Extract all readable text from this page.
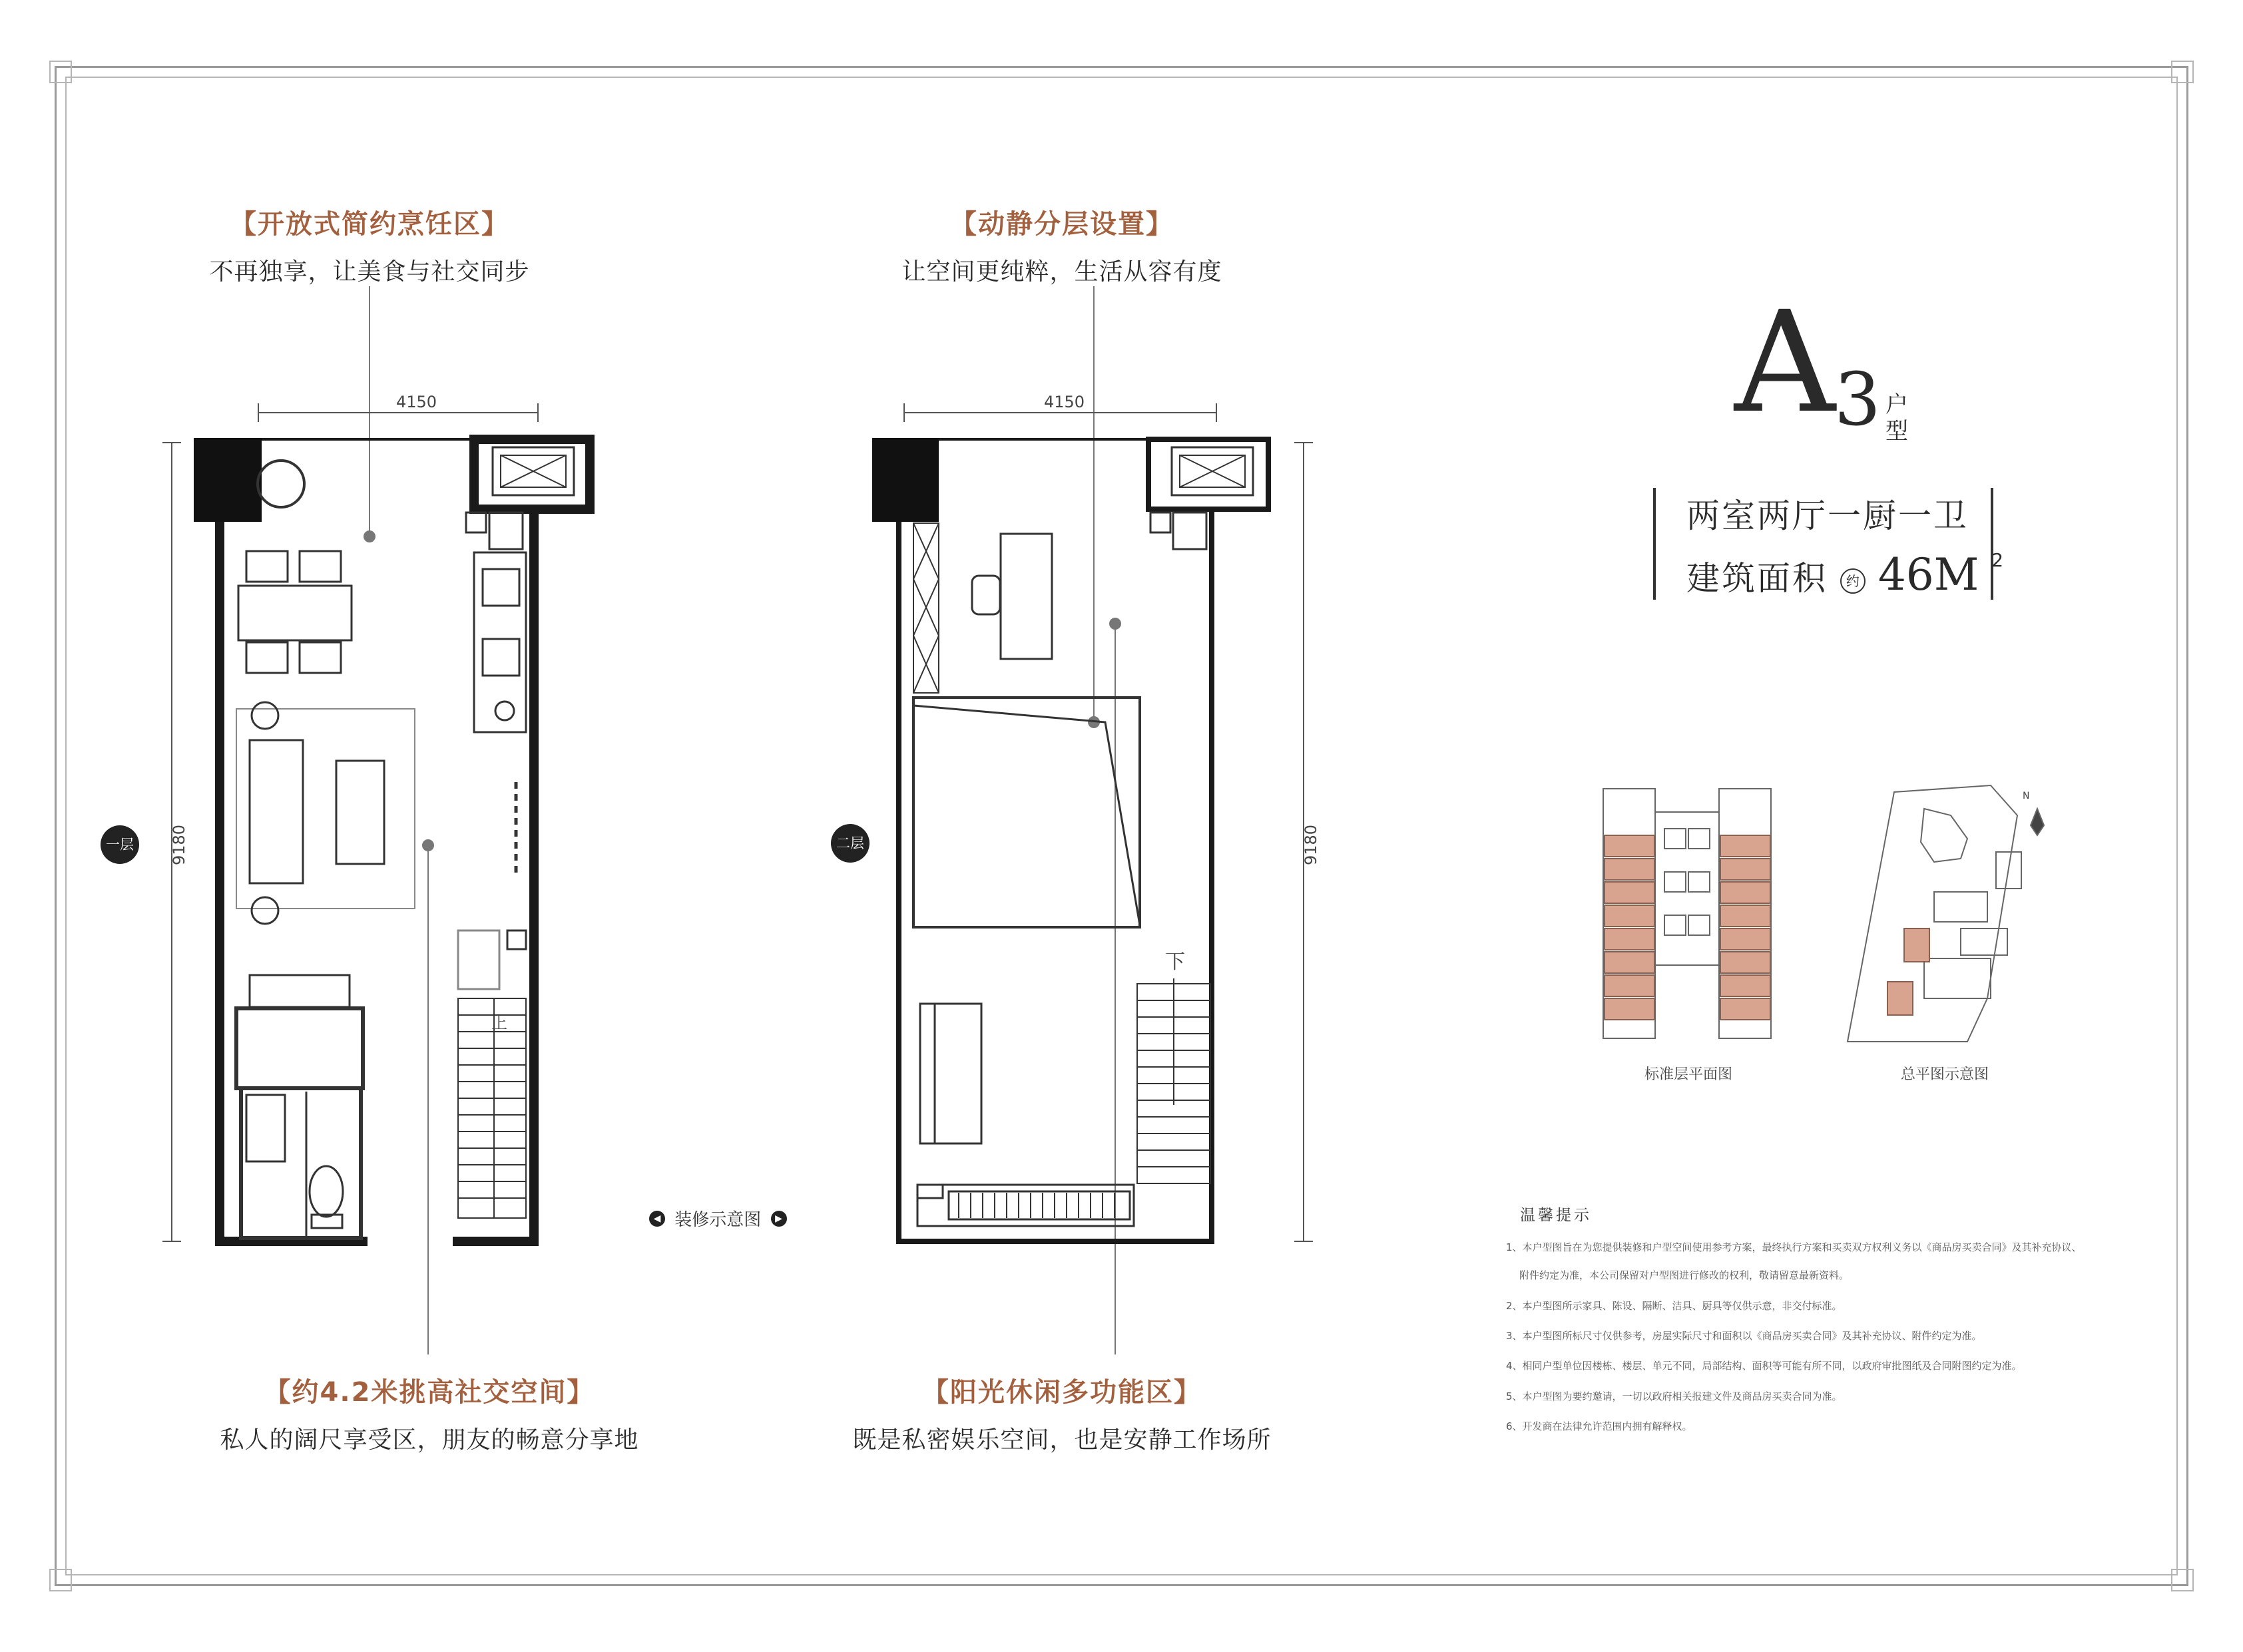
【开放式简约烹饪区】
不再独享，让美食与社交同步
【动静分层设置】
让空间更纯粹，生活从容有度
【约4.2米挑高社交空间】
私人的阔尺享受区，朋友的畅意分享地
【阳光休闲多功能区】
既是私密娱乐空间，也是安静工作场所
上
4150
9180
下
4150
9180
一层	二层
◀ 装修示意图 ▶
A
3 户
型
两室两厅一厨一卫
建筑面积 约 46M $^2$
N
标准层平面图	总平图示意图
温馨提示
1、本户型图旨在为您提供装修和户型空间使用参考方案，最终执行方案和买卖双方权利义务以《商品房买卖合同》及其补充协议、
附件约定为准，本公司保留对户型图进行修改的权利，敬请留意最新资料。
2、本户型图所示家具、陈设、隔断、洁具、厨具等仅供示意，非交付标准。
3、本户型图所标尺寸仅供参考，房屋实际尺寸和面积以《商品房买卖合同》及其补充协议、附件约定为准。
4、相同户型单位因楼栋、楼层、单元不同，局部结构、面积等可能有所不同，以政府审批图纸及合同附图约定为准。
5、本户型图为要约邀请，一切以政府相关报建文件及商品房买卖合同为准。
6、开发商在法律允许范围内拥有解释权。
